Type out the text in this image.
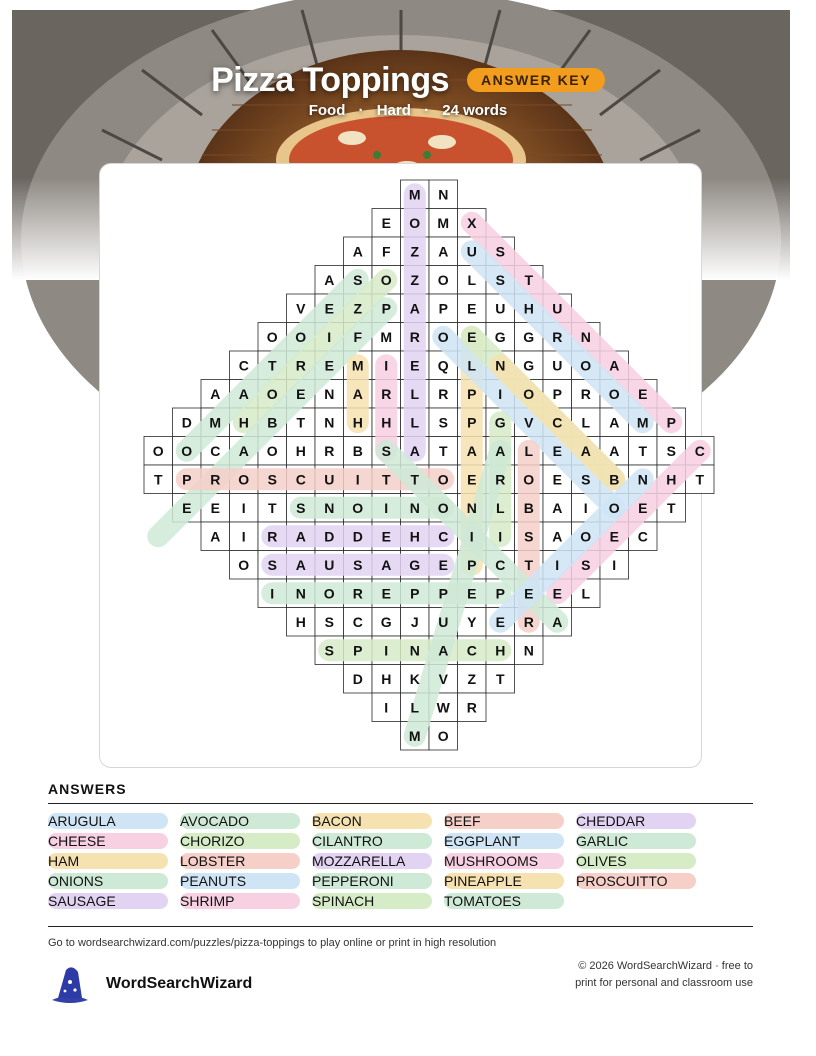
Pizza Toppings	ANSWER KEY
Food · Hard · 24 words
M N
E O M X
A F Z A U S
A S O Z O L S T
V E Z P A P E U H U
O O I F M R O E G G R N
C T R E M I E Q L N G U O A
A A O E N A R L R P I O P R O E
D M H B T N H H L S P G V C L A M P
O O C A O H R B S A T A A L E A A T S C
T P R O S C U I T T O E R O E S B N H T
E E I T S N O I N O N L B A I O E T
A I R A D D E H C I I S A O E C
O S A U S A G E P C T I S I
I N O R E P P E P E E L
H S C G J U Y E R A
S P I N A C H N
D H K V Z T
I L W R
M O
ANSWERS
ARUGULA	AVOCADO	BACON	BEEF	CHEDDAR
CHEESE	CHORIZO	CILANTRO	EGGPLANT	GARLIC
HAM	LOBSTER	MOZZARELLA	MUSHROOMS	OLIVES
ONIONS	PEANUTS	PEPPERONI	PINEAPPLE	PROSCUITTO
SAUSAGE	SHRIMP	SPINACH	TOMATOES

Go to wordsearchwizard.com/puzzles/pizza-toppings to play online or print in high resolution

WordSearchWizard

© 2026 WordSearchWizard · free to print for personal and classroom use
